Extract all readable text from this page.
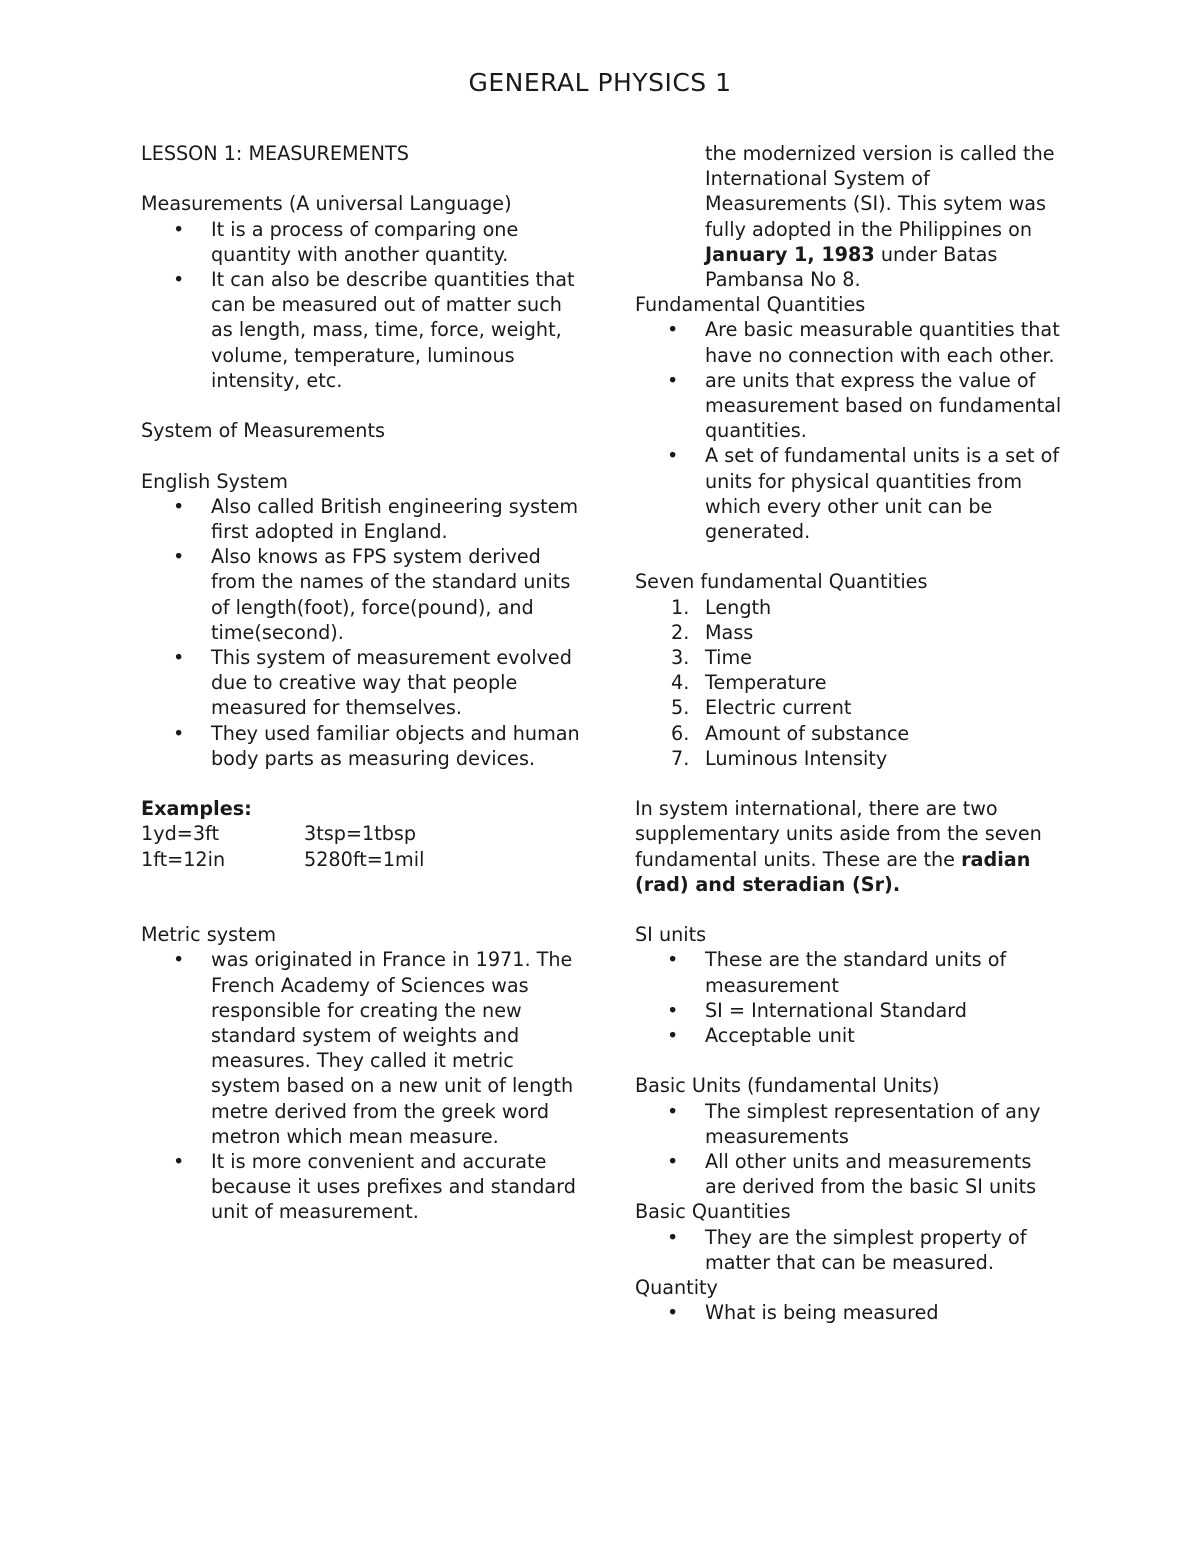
GENERAL PHYSICS 1
LESSON 1: MEASUREMENTS
Measurements (A universal Language)
• It is a process of comparing one quantity with another quantity.
• It can also be describe quantities that can be measured out of matter such as length, mass, time, force, weight, volume, temperature, luminous intensity, etc.
System of Measurements
English System
• Also called British engineering system first adopted in England.
• Also knows as FPS system derived from the names of the standard units of length(foot), force(pound), and time(second).
• This system of measurement evolved due to creative way that people measured for themselves.
• They used familiar objects and human body parts as measuring devices.
Examples:
1yd=3ft	3tsp=1tbsp
1ft=12in	5280ft=1mil
Metric system
• was originated in France in 1971. The French Academy of Sciences was responsible for creating the new standard system of weights and measures. They called it metric system based on a new unit of length metre derived from the greek word metron which mean measure.
• It is more convenient and accurate because it uses prefixes and standard unit of measurement.
the modernized version is called the International System of Measurements (SI). This sytem was fully adopted in the Philippines on January 1, 1983 under Batas Pambansa No 8.
Fundamental Quantities
• Are basic measurable quantities that have no connection with each other.
• are units that express the value of measurement based on fundamental quantities.
• A set of fundamental units is a set of units for physical quantities from which every other unit can be generated.
Seven fundamental Quantities
1. Length
2. Mass
3. Time
4. Temperature
5. Electric current
6. Amount of substance
7. Luminous Intensity
In system international, there are two supplementary units aside from the seven fundamental units. These are the radian (rad) and steradian (Sr).
SI units
• These are the standard units of measurement
• SI = International Standard
• Acceptable unit
Basic Units (fundamental Units)
• The simplest representation of any measurements
• All other units and measurements are derived from the basic SI units
Basic Quantities
• They are the simplest property of matter that can be measured.
Quantity
• What is being measured
